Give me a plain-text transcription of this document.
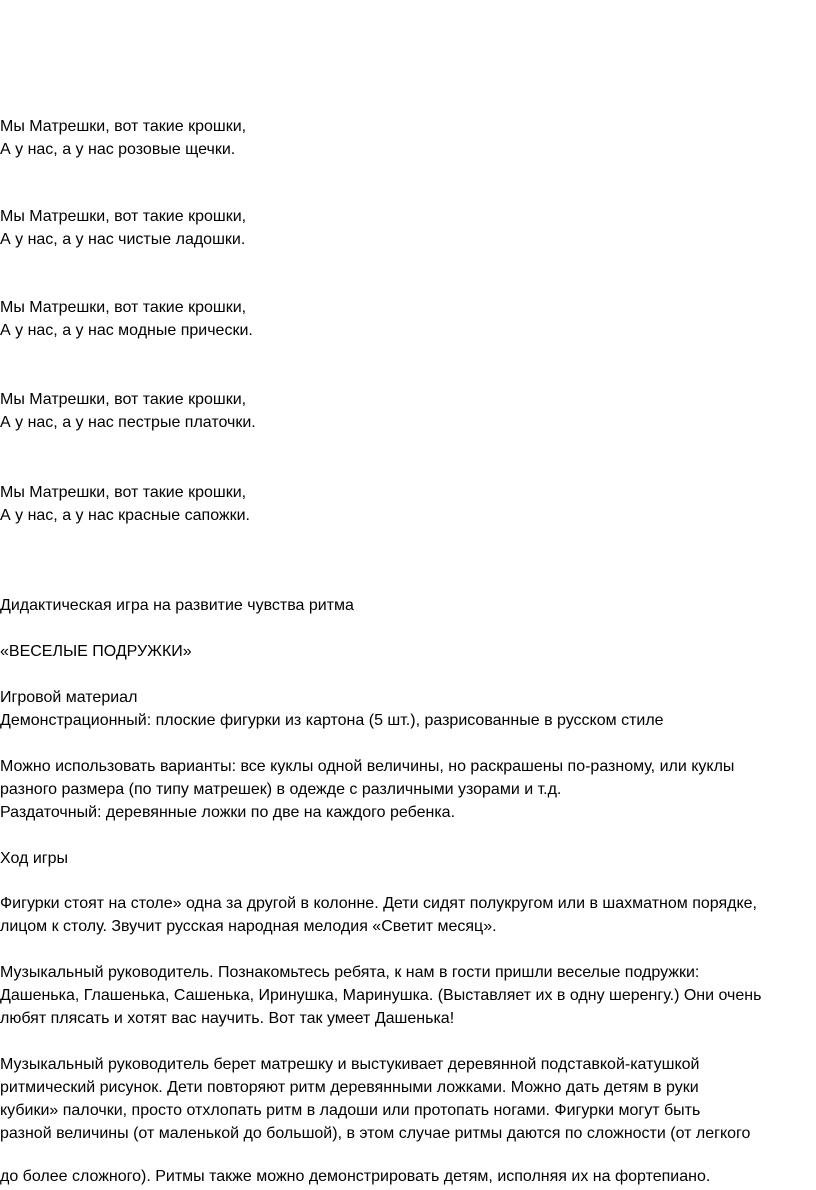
Мы Матрешки, вот такие крошки,

А у нас, а у нас розовые щечки.

Мы Матрешки, вот такие крошки,

А у нас, а у нас чистые ладошки.

Мы Матрешки, вот такие крошки,

А у нас, а у нас модные прически.

Мы Матрешки, вот такие крошки,

А у нас, а у нас пестрые платочки.

Мы Матрешки, вот такие крошки,

А у нас, а у нас красные сапожки.

Дидактическая игра на развитие чувства ритма

«ВЕСЕЛЫЕ ПОДРУЖКИ»

Игровой материал

Демонстрационный: плоские фигурки из картона (5 шт.), разрисованные в русском стиле

Можно использовать варианты: все куклы одной величины, но раскрашены по-разному, или куклы

разного размера (по типу матрешек) в одежде с различными узорами и т.д.

Раздаточный: деревянные ложки по две на каждого ребенка.

Ход игры

Фигурки стоят на столе» одна за другой в колонне. Дети сидят полукругом или в шахматном порядке,

лицом к столу. Звучит русская народная мелодия «Светит месяц».

Музыкальный руководитель. Познакомьтесь ребята, к нам в гости пришли веселые подружки:

Дашенька, Глашенька, Сашенька, Иринушка, Маринушка. (Выставляет их в одну шеренгу.) Они очень

любят плясать и хотят вас научить. Вот так умеет Дашенька!

Музыкальный руководитель берет матрешку и выстукивает деревянной подставкой-катушкой

ритмический рисунок. Дети повторяют ритм деревянными ложками. Можно дать детям в руки

кубики» палочки, просто отхлопать ритм в ладоши или протопать ногами. Фигурки могут быть

разной величины (от маленькой до большой), в этом случае ритмы даются по сложности (от легкого

до более сложного). Ритмы также можно демонстрировать детям, исполняя их на фортепиано.
